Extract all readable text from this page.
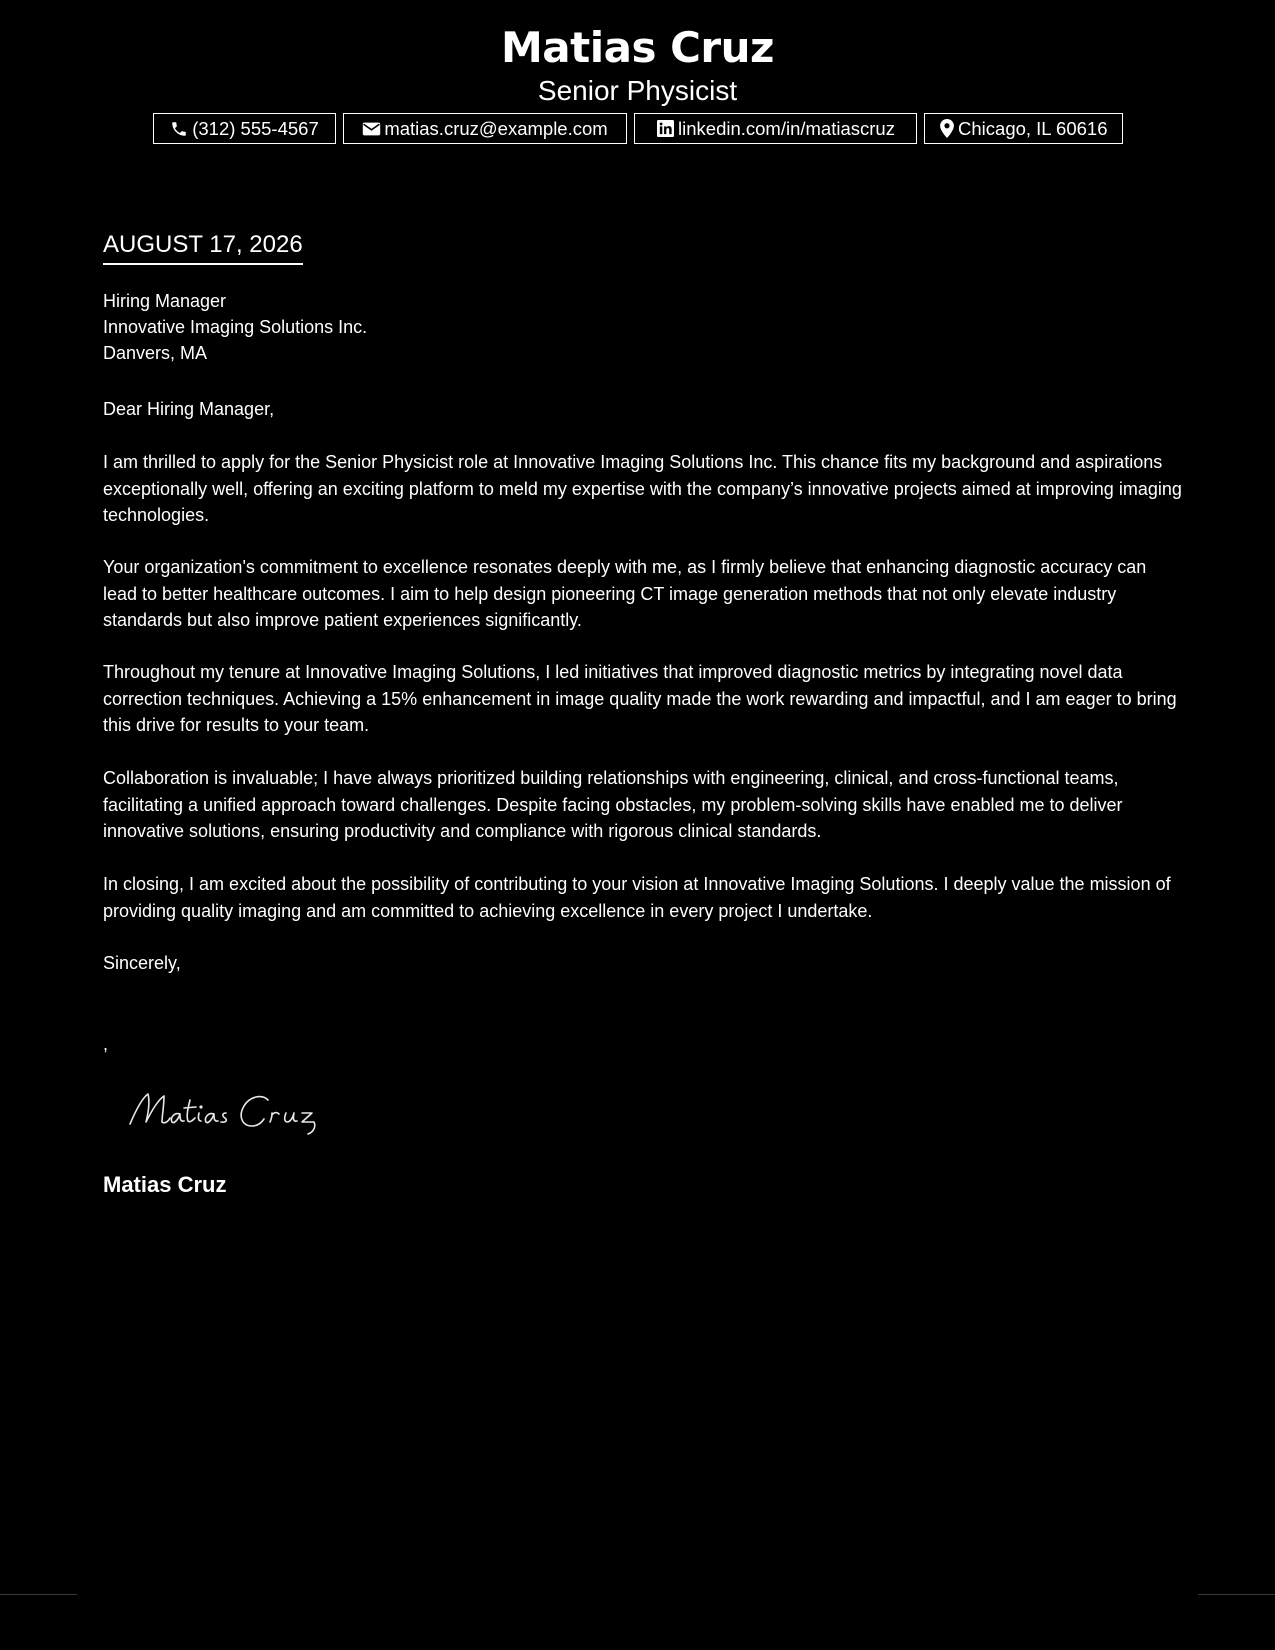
Matias Cruz
Senior Physicist
(312) 555-4567	matias.cruz@example.com	linkedin.com/in/matiascruz	Chicago, IL 60616
AUGUST 17, 2026
Hiring Manager
Innovative Imaging Solutions Inc.
Danvers, MA
Dear Hiring Manager,
I am thrilled to apply for the Senior Physicist role at Innovative Imaging Solutions Inc. This chance fits my background and aspirations exceptionally well, offering an exciting platform to meld my expertise with the company’s innovative projects aimed at improving imaging technologies.
Your organization's commitment to excellence resonates deeply with me, as I firmly believe that enhancing diagnostic accuracy can lead to better healthcare outcomes. I aim to help design pioneering CT image generation methods that not only elevate industry standards but also improve patient experiences significantly.
Throughout my tenure at Innovative Imaging Solutions, I led initiatives that improved diagnostic metrics by integrating novel data correction techniques. Achieving a 15% enhancement in image quality made the work rewarding and impactful, and I am eager to bring this drive for results to your team.
Collaboration is invaluable; I have always prioritized building relationships with engineering, clinical, and cross-functional teams, facilitating a unified approach toward challenges. Despite facing obstacles, my problem-solving skills have enabled me to deliver innovative solutions, ensuring productivity and compliance with rigorous clinical standards.
In closing, I am excited about the possibility of contributing to your vision at Innovative Imaging Solutions. I deeply value the mission of providing quality imaging and am committed to achieving excellence in every project I undertake.
Sincerely,
,
Matias Cruz
